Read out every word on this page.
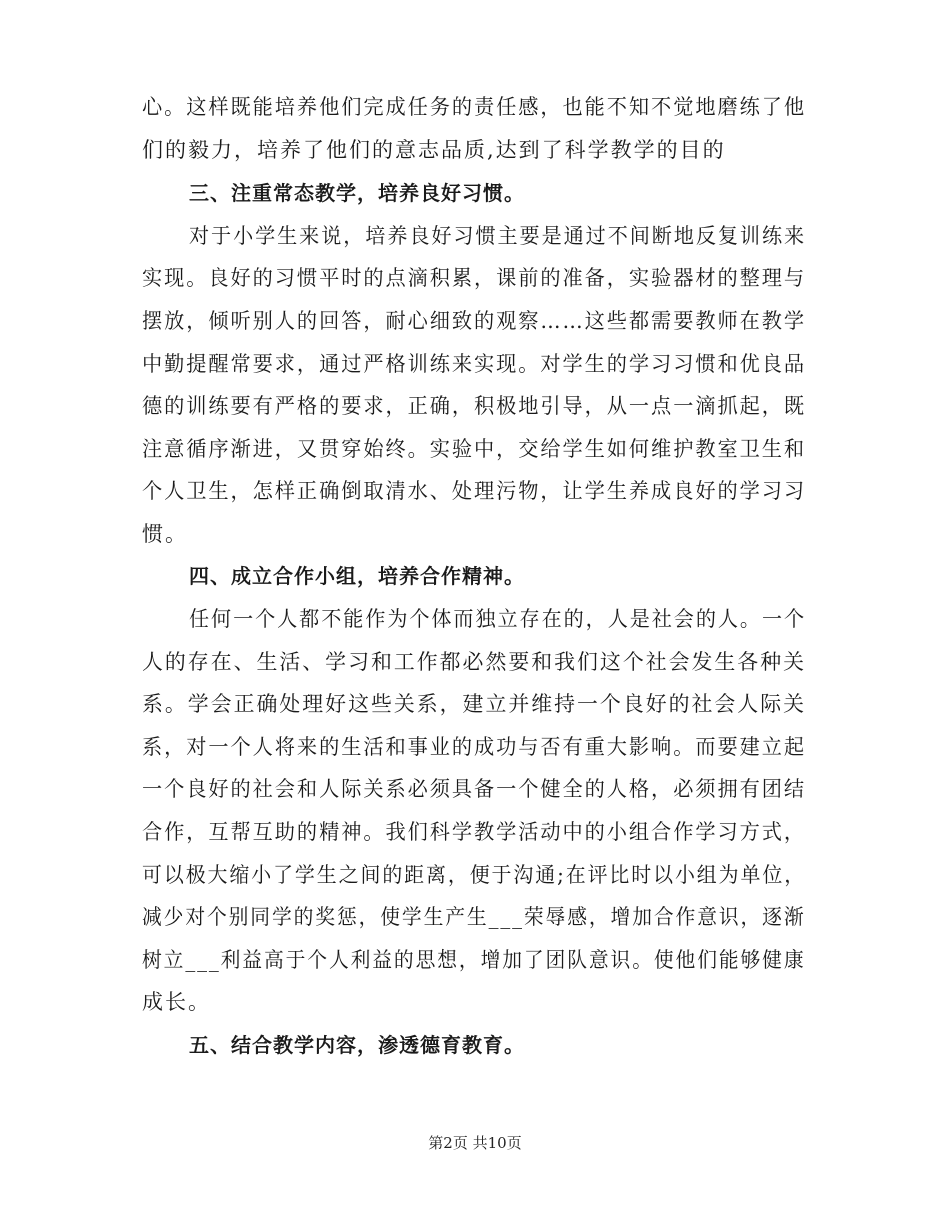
心。这样既能培养他们完成任务的责任感，也能不知不觉地磨练了他
们的毅力，培养了他们的意志品质,达到了科学教学的目的
三、注重常态教学，培养良好习惯。
对于小学生来说，培养良好习惯主要是通过不间断地反复训练来
实现。良好的习惯平时的点滴积累，课前的准备，实验器材的整理与
摆放，倾听别人的回答，耐心细致的观察……这些都需要教师在教学
中勤提醒常要求，通过严格训练来实现。对学生的学习习惯和优良品
德的训练要有严格的要求，正确，积极地引导，从一点一滴抓起，既
注意循序渐进，又贯穿始终。实验中，交给学生如何维护教室卫生和
个人卫生，怎样正确倒取清水、处理污物，让学生养成良好的学习习
惯。
四、成立合作小组，培养合作精神。
任何一个人都不能作为个体而独立存在的，人是社会的人。一个
人的存在、生活、学习和工作都必然要和我们这个社会发生各种关
系。学会正确处理好这些关系，建立并维持一个良好的社会人际关
系，对一个人将来的生活和事业的成功与否有重大影响。而要建立起
一个良好的社会和人际关系必须具备一个健全的人格，必须拥有团结
合作，互帮互助的精神。我们科学教学活动中的小组合作学习方式，
可以极大缩小了学生之间的距离，便于沟通;在评比时以小组为单位，
减少对个别同学的奖惩，使学生产生___荣辱感，增加合作意识，逐渐
树立___利益高于个人利益的思想，增加了团队意识。使他们能够健康
成长。
五、结合教学内容，渗透德育教育。
第2页 共10页
